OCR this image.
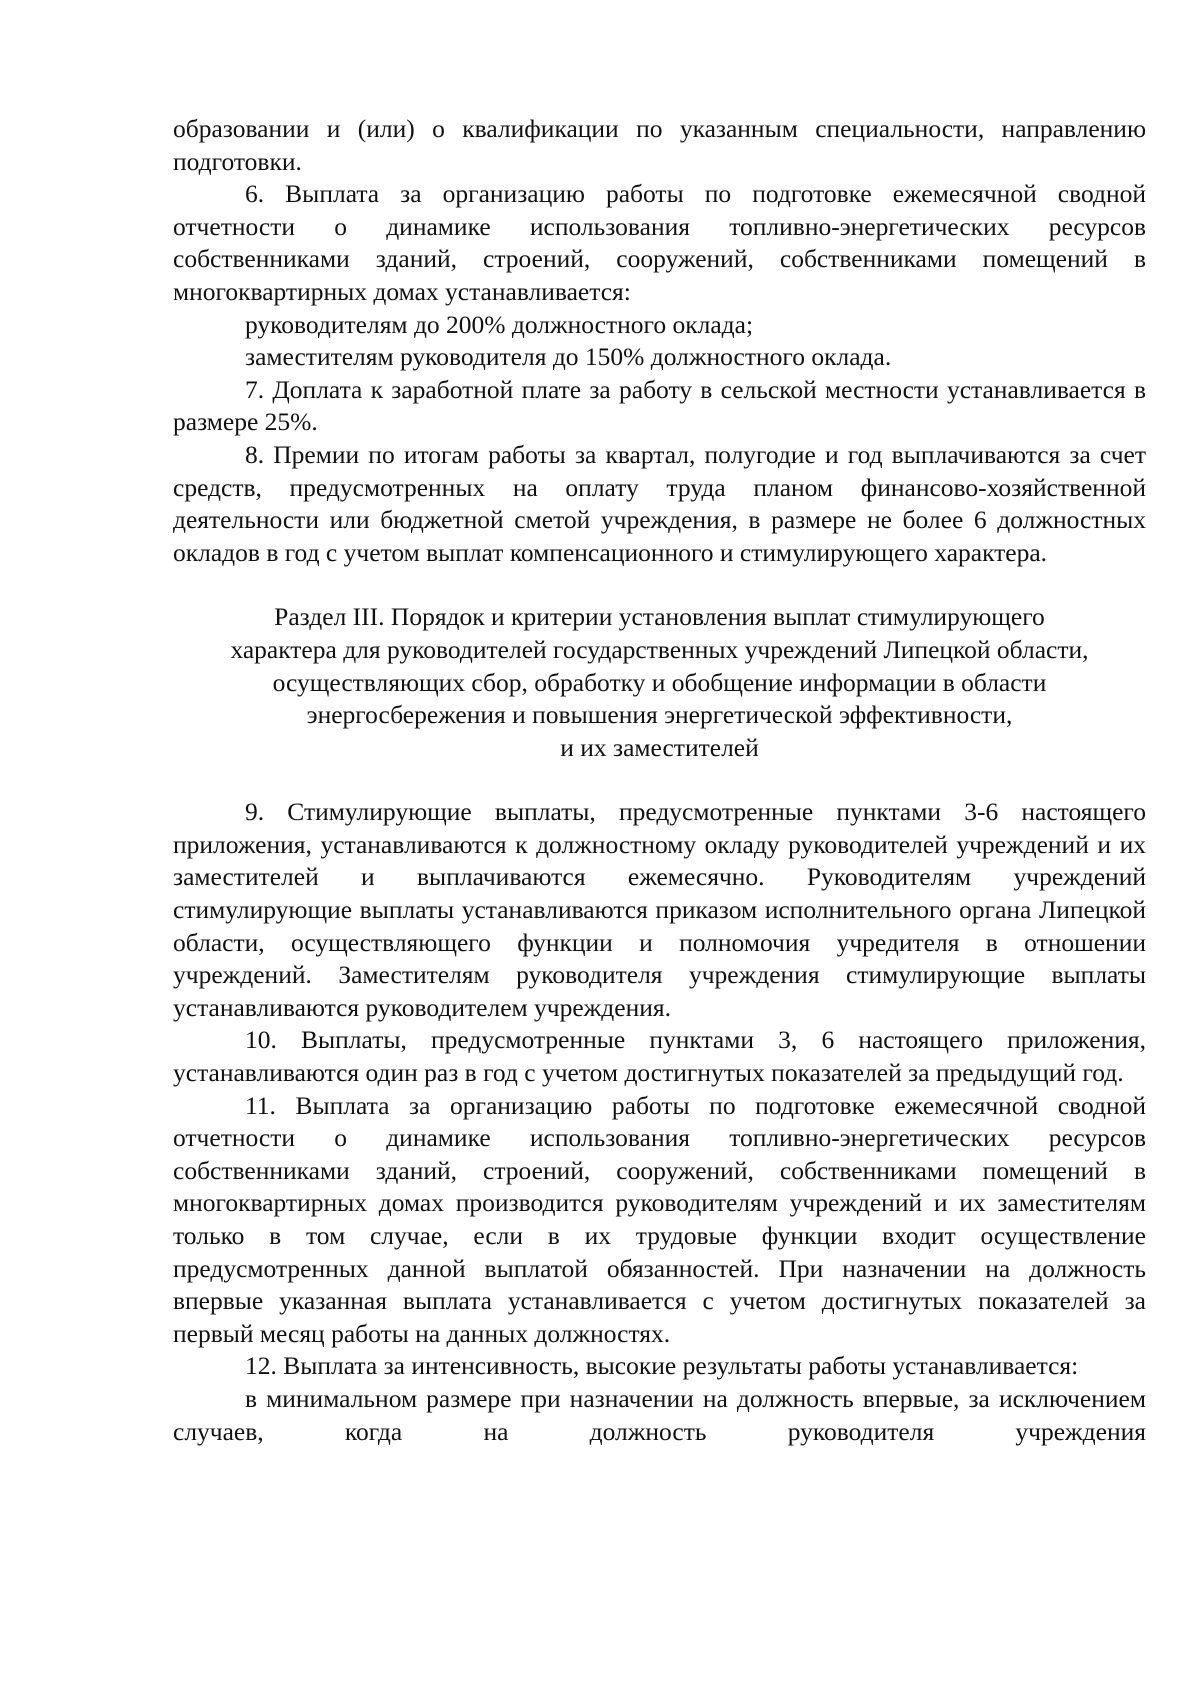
образовании и (или) о квалификации по указанным специальности, направлению подготовки.

6. Выплата за организацию работы по подготовке ежемесячной сводной отчетности о динамике использования топливно-энергетических ресурсов собственниками зданий, строений, сооружений, собственниками помещений в многоквартирных домах устанавливается:

руководителям до 200% должностного оклада;

заместителям руководителя до 150% должностного оклада.

7. Доплата к заработной плате за работу в сельской местности устанавливается в размере 25%.

8. Премии по итогам работы за квартал, полугодие и год выплачиваются за счет средств, предусмотренных на оплату труда планом финансово-хозяйственной деятельности или бюджетной сметой учреждения, в размере не более 6 должностных окладов в год с учетом выплат компенсационного и стимулирующего характера.

Раздел III. Порядок и критерии установления выплат стимулирующего
характера для руководителей государственных учреждений Липецкой области,
осуществляющих сбор, обработку и обобщение информации в области
энергосбережения и повышения энергетической эффективности,
и их заместителей

9. Стимулирующие выплаты, предусмотренные пунктами 3-6 настоящего приложения, устанавливаются к должностному окладу руководителей учреждений и их заместителей и выплачиваются ежемесячно. Руководителям учреждений стимулирующие выплаты устанавливаются приказом исполнительного органа Липецкой области, осуществляющего функции и полномочия учредителя в отношении учреждений. Заместителям руководителя учреждения стимулирующие выплаты устанавливаются руководителем учреждения.

10. Выплаты, предусмотренные пунктами 3, 6 настоящего приложения, устанавливаются один раз в год с учетом достигнутых показателей за предыдущий год.

11. Выплата за организацию работы по подготовке ежемесячной сводной отчетности о динамике использования топливно-энергетических ресурсов собственниками зданий, строений, сооружений, собственниками помещений в многоквартирных домах производится руководителям учреждений и их заместителям только в том случае, если в их трудовые функции входит осуществление предусмотренных данной выплатой обязанностей. При назначении на должность впервые указанная выплата устанавливается с учетом достигнутых показателей за первый месяц работы на данных должностях.

12. Выплата за интенсивность, высокие результаты работы устанавливается:

в минимальном размере при назначении на должность впервые, за исключением случаев, когда на должность руководителя учреждения
